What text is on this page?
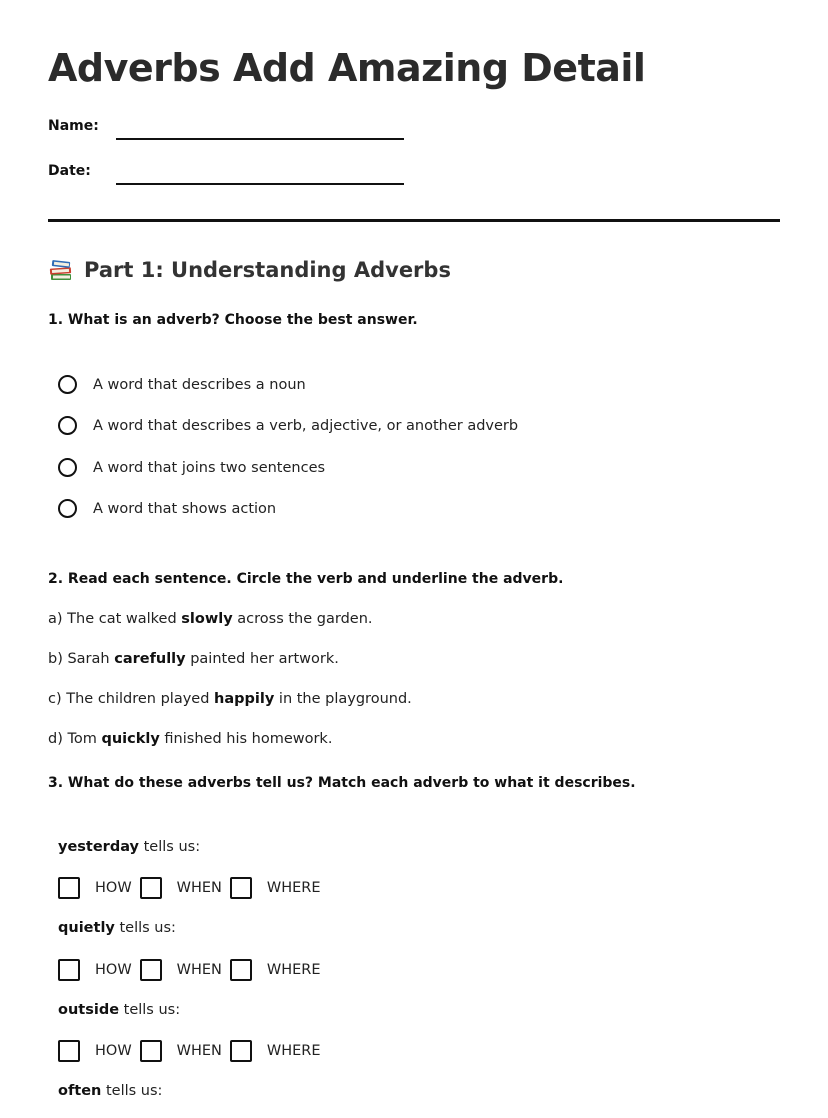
Adverbs Add Amazing Detail
Name:
Date:
Part 1: Understanding Adverbs
1. What is an adverb? Choose the best answer.
A word that describes a noun
A word that describes a verb, adjective, or another adverb
A word that joins two sentences
A word that shows action
2. Read each sentence. Circle the verb and underline the adverb.
a) The cat walked slowly across the garden.
b) Sarah carefully painted her artwork.
c) The children played happily in the playground.
d) Tom quickly finished his homework.
3. What do these adverbs tell us? Match each adverb to what it describes.
yesterday tells us:
HOW	WHEN	WHERE
quietly tells us:
HOW	WHEN	WHERE
outside tells us:
HOW	WHEN	WHERE
often tells us:
